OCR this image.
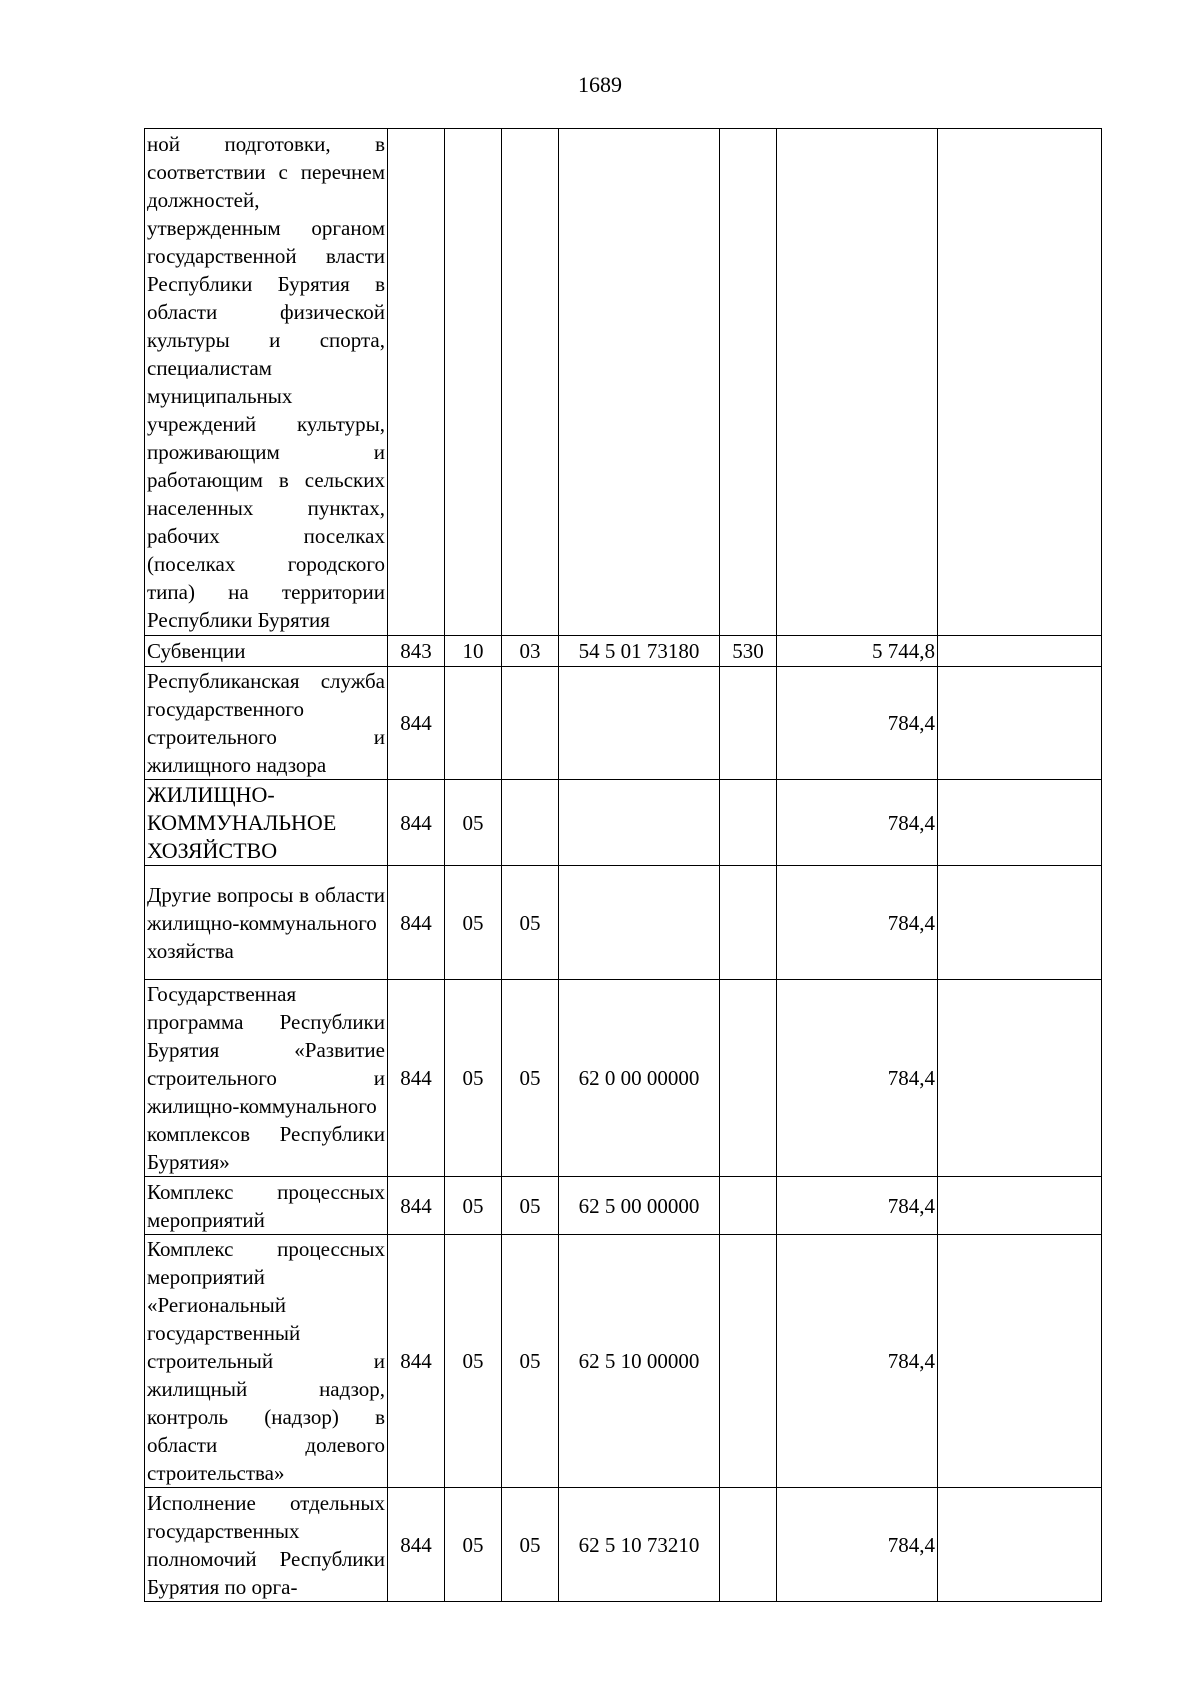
1689
ной подготовки, в соответствии с перечнем должностей, утвержденным органом государственной власти Республики Бурятия в области физической культуры и спорта, специалистам муниципальных учреждений культуры, проживающим и работающим в сельских населенных пунктах, рабочих поселках (поселках городского типа) на территории Республики Бурятия							
Субвенции	843	10	03	54 5 01 73180	530	5 744,8	
Республиканская служба государственного строительного и жилищного надзора	844					784,4	
ЖИЛИЩНО-КОММУНАЛЬНОЕ ХОЗЯЙСТВО	844	05				784,4	
Другие вопросы в области жилищно-коммунального хозяйства	844	05	05			784,4	
Государственная программа Республики Бурятия «Развитие строительного и жилищно-коммунального комплексов Республики Бурятия»	844	05	05	62 0 00 00000		784,4	
Комплекс процессных мероприятий	844	05	05	62 5 00 00000		784,4	
Комплекс процессных мероприятий «Региональный государственный строительный и жилищный надзор, контроль (надзор) в области долевого строительства»	844	05	05	62 5 10 00000		784,4	
Исполнение отдельных государственных полномочий Республики Бурятия по орга-	844	05	05	62 5 10 73210		784,4	
